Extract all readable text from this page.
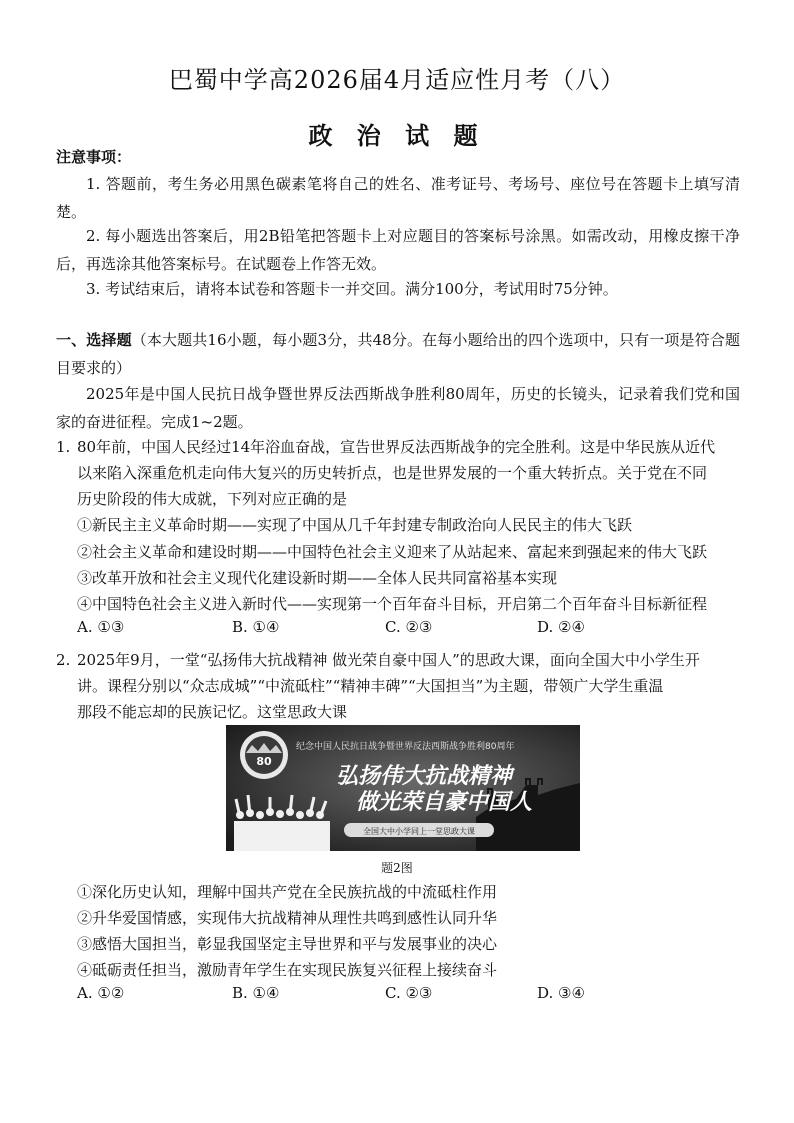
巴蜀中学高2026届4月适应性月考（八）
政 治 试 题
注意事项：
1. 答题前，考生务必用黑色碳素笔将自己的姓名、准考证号、考场号、座位号在答题卡上填写清楚。
2. 每小题选出答案后，用2B铅笔把答题卡上对应题目的答案标号涂黑。如需改动，用橡皮擦干净后，再选涂其他答案标号。在试题卷上作答无效。
3. 考试结束后，请将本试卷和答题卡一并交回。满分100分，考试用时75分钟。
一、选择题（本大题共16小题，每小题3分，共48分。在每小题给出的四个选项中，只有一项是符合题目要求的）
2025年是中国人民抗日战争暨世界反法西斯战争胜利80周年，历史的长镜头，记录着我们党和国家的奋进征程。完成1~2题。
1. 80年前，中国人民经过14年浴血奋战，宣告世界反法西斯战争的完全胜利。这是中华民族从近代
以来陷入深重危机走向伟大复兴的历史转折点，也是世界发展的一个重大转折点。关于党在不同
历史阶段的伟大成就，下列对应正确的是
①新民主主义革命时期——实现了中国从几千年封建专制政治向人民民主的伟大飞跃
②社会主义革命和建设时期——中国特色社会主义迎来了从站起来、富起来到强起来的伟大飞跃
③改革开放和社会主义现代化建设新时期——全体人民共同富裕基本实现
④中国特色社会主义进入新时代——实现第一个百年奋斗目标，开启第二个百年奋斗目标新征程
A. ①③	B. ①④	C. ②③	D. ②④
2. 2025年9月，一堂“弘扬伟大抗战精神 做光荣自豪中国人”的思政大课，面向全国大中小学生开
讲。课程分别以“众志成城”“中流砥柱”“精神丰碑”“大国担当”为主题，带领广大学生重温
那段不能忘却的民族记忆。这堂思政大课
80
纪念中国人民抗日战争暨世界反法西斯战争胜利80周年
弘扬伟大抗战精神
做光荣自豪中国人
全国大中小学同上一堂思政大课
题2图
①深化历史认知，理解中国共产党在全民族抗战的中流砥柱作用
②升华爱国情感，实现伟大抗战精神从理性共鸣到感性认同升华
③感悟大国担当，彰显我国坚定主导世界和平与发展事业的决心
④砥砺责任担当，激励青年学生在实现民族复兴征程上接续奋斗
A. ①②	B. ①④	C. ②③	D. ③④
